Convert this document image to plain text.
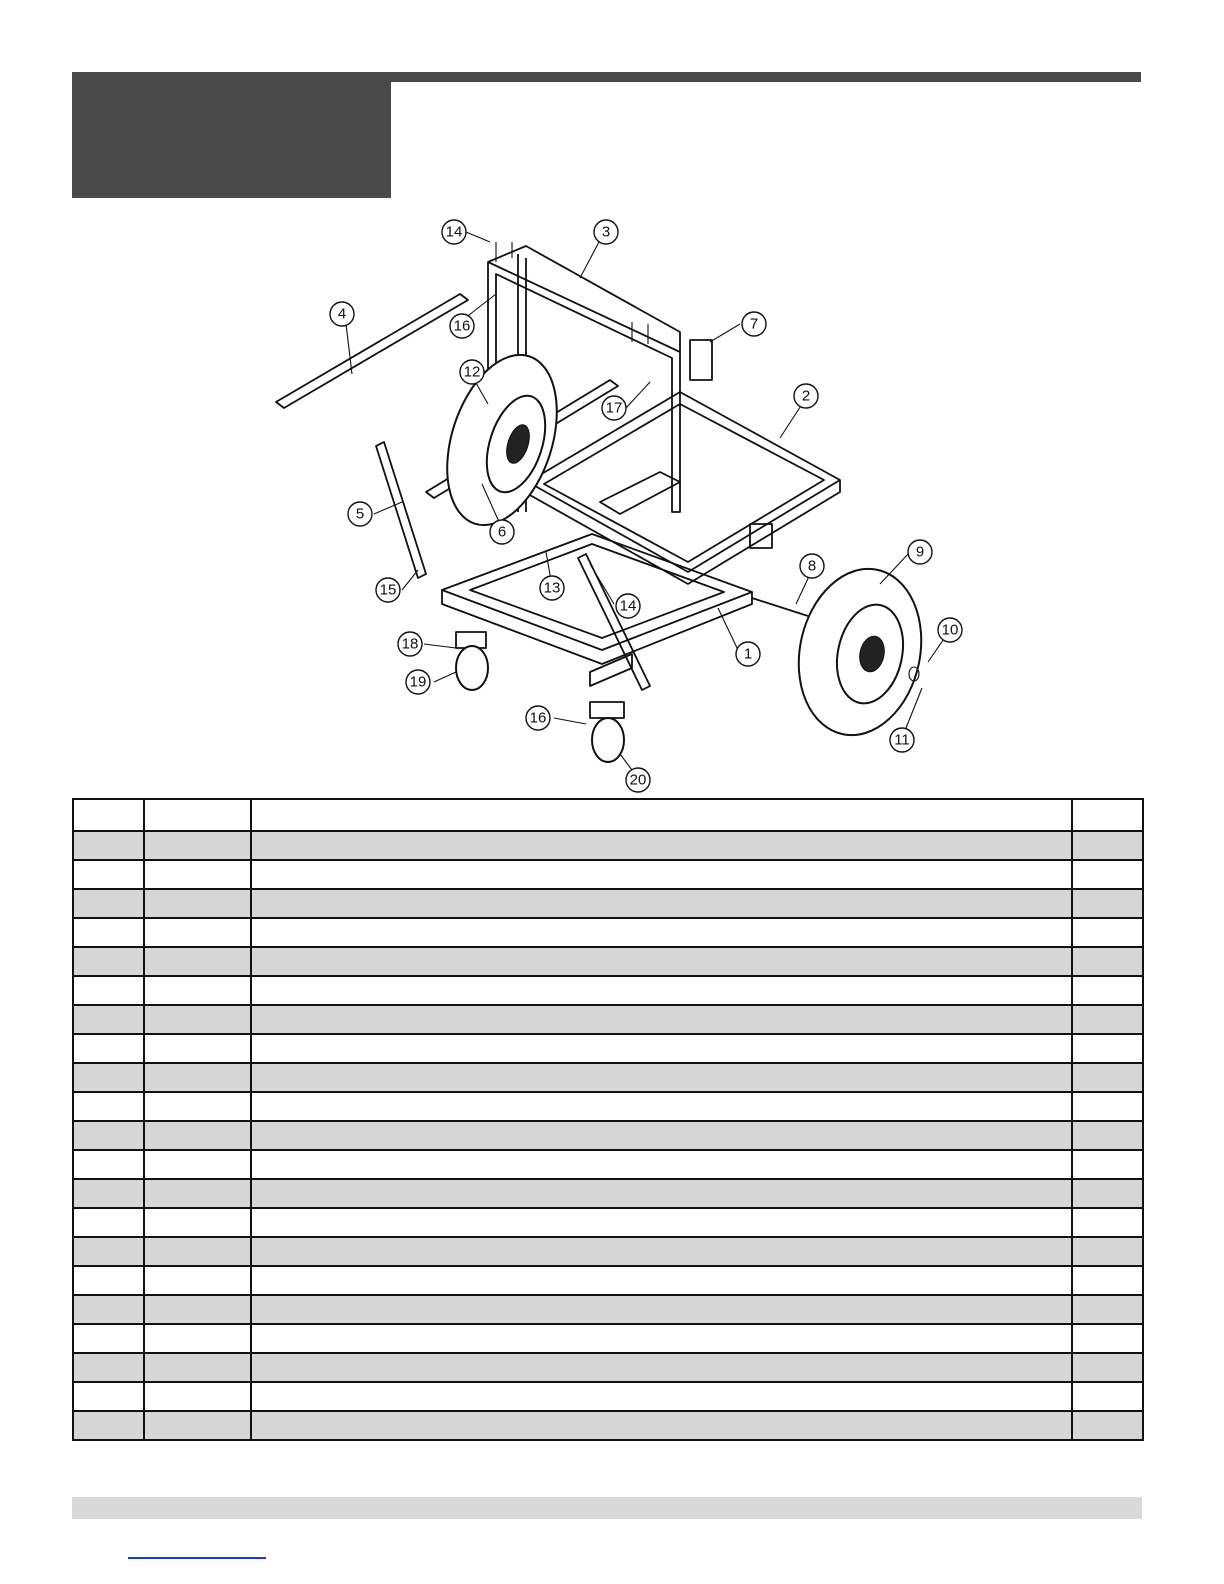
14	3
4
16	7
2
12
17
5
6
9
8
13
14
15
10
1
18
19
11
16
20
